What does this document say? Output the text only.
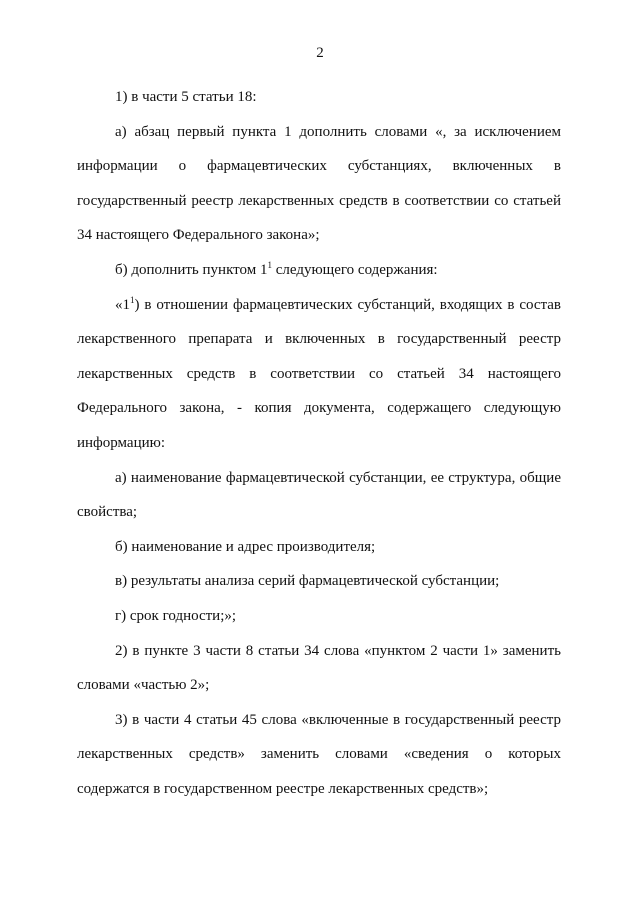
2

1) в части 5 статьи 18:

а) абзац первый пункта 1 дополнить словами «, за исключением информации о фармацевтических субстанциях, включенных в государственный реестр лекарственных средств в соответствии со статьей 34 настоящего Федерального закона»;

б) дополнить пунктом $1^1$ следующего содержания:

«$1^1$) в отношении фармацевтических субстанций, входящих в состав лекарственного препарата и включенных в государственный реестр лекарственных средств в соответствии со статьей 34 настоящего Федерального закона, - копия документа, содержащего следующую информацию:

а) наименование фармацевтической субстанции, ее структура, общие свойства;

б) наименование и адрес производителя;

в) результаты анализа серий фармацевтической субстанции;

г) срок годности;»;

2) в пункте 3 части 8 статьи 34 слова «пунктом 2 части 1» заменить словами «частью 2»;

3) в части 4 статьи 45 слова «включенные в государственный реестр лекарственных средств» заменить словами «сведения о которых содержатся в государственном реестре лекарственных средств»;
